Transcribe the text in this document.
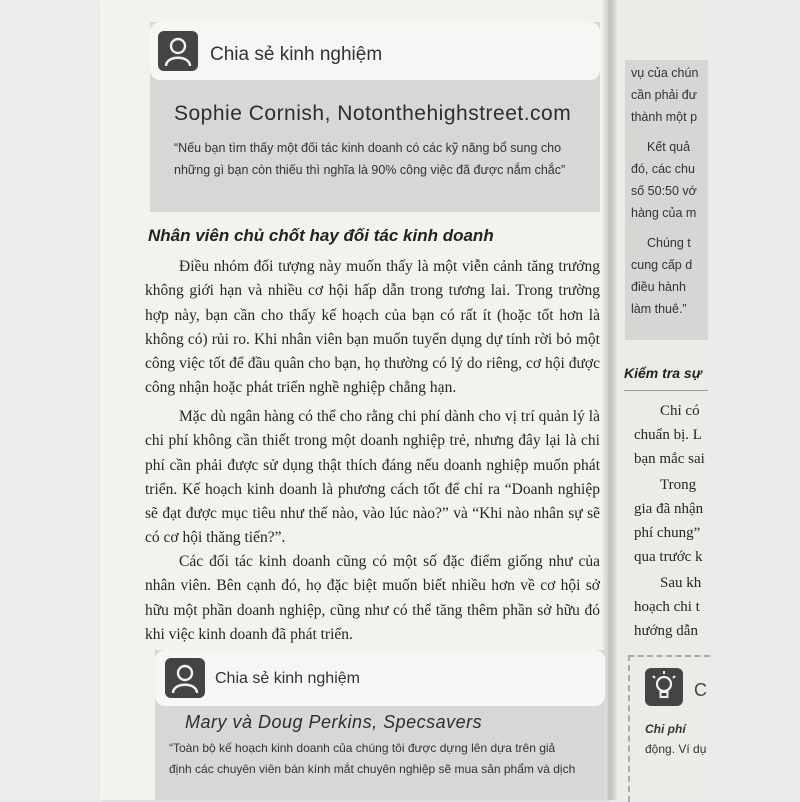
Chia sẻ kinh nghiệm
Sophie Cornish, Notonthehighstreet.com
“Nếu bạn tìm thấy một đối tác kinh doanh có các kỹ năng bổ sung cho
những gì bạn còn thiếu thì nghĩa là 90% công việc đã được nắm chắc”
Nhân viên chủ chốt hay đối tác kinh doanh
Điều nhóm đối tượng này muốn thấy là một viễn cảnh tăng trưởng không giới hạn và nhiều cơ hội hấp dẫn trong tương lai. Trong trường hợp này, bạn cần cho thấy kế hoạch của bạn có rất ít (hoặc tốt hơn là không có) rủi ro. Khi nhân viên bạn muốn tuyển dụng dự tính rời bỏ một công việc tốt để đầu quân cho bạn, họ thường có lý do riêng, cơ hội được công nhận hoặc phát triển nghề nghiệp chẳng hạn.
Mặc dù ngân hàng có thể cho rằng chi phí dành cho vị trí quản lý là chi phí không cần thiết trong một doanh nghiệp trẻ, nhưng đây lại là chi phí cần phải được sử dụng thật thích đáng nếu doanh nghiệp muốn phát triển. Kế hoạch kinh doanh là phương cách tốt để chỉ ra “Doanh nghiệp sẽ đạt được mục tiêu như thế nào, vào lúc nào?” và “Khi nào nhân sự sẽ có cơ hội thăng tiến?”.
Các đối tác kinh doanh cũng có một số đặc điểm giống như của nhân viên. Bên cạnh đó, họ đặc biệt muốn biết nhiều hơn về cơ hội sở hữu một phần doanh nghiệp, cũng như có thể tăng thêm phần sở hữu đó khi việc kinh doanh đã phát triển.
Chia sẻ kinh nghiệm
Mary và Doug Perkins, Specsavers
“Toàn bộ kế hoạch kinh doanh của chúng tôi được dựng lên dựa trên giả
định các chuyên viên bán kính mắt chuyên nghiệp sẽ mua sản phẩm và dịch
vụ của chún
cần phải đư
thành một p
Kết quả
đó, các chu
số 50:50 vớ
hàng của m
Chúng t
cung cấp d
điều hành
làm thuê.”
Kiểm tra sự
Chỉ có
chuẩn bị. L
bạn mắc sai
Trong
gia đã nhận
phí chung”
qua trước k
Sau kh
hoạch chi t
hướng dẫn
C
Chi phí
động. Ví dụ
